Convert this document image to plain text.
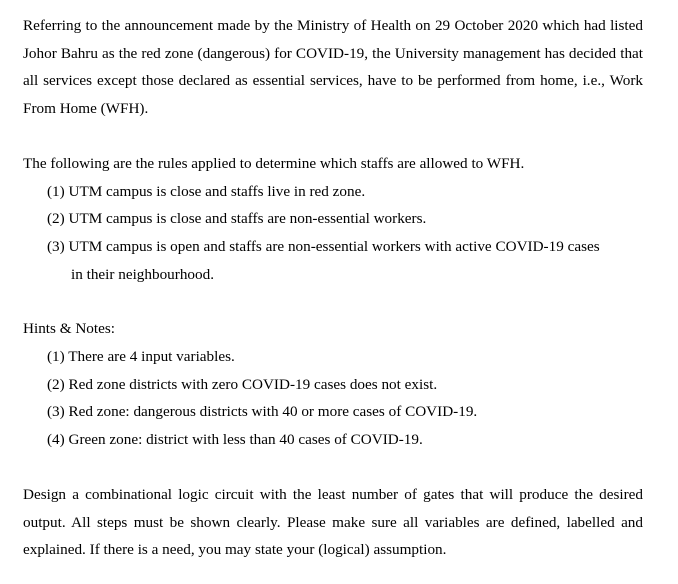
Referring to the announcement made by the Ministry of Health on 29 October 2020 which had listed Johor Bahru as the red zone (dangerous) for COVID-19, the University management has decided that all services except those declared as essential services, have to be performed from home, i.e., Work From Home (WFH).

The following are the rules applied to determine which staffs are allowed to WFH.

(1) UTM campus is close and staffs live in red zone.

(2) UTM campus is close and staffs are non-essential workers.

(3) UTM campus is open and staffs are non-essential workers with active COVID-19 cases
in their neighbourhood.

Hints & Notes:

(1) There are 4 input variables.

(2) Red zone districts with zero COVID-19 cases does not exist.

(3) Red zone: dangerous districts with 40 or more cases of COVID-19.

(4) Green zone: district with less than 40 cases of COVID-19.

Design a combinational logic circuit with the least number of gates that will produce the desired output. All steps must be shown clearly. Please make sure all variables are defined, labelled and explained. If there is a need, you may state your (logical) assumption.
